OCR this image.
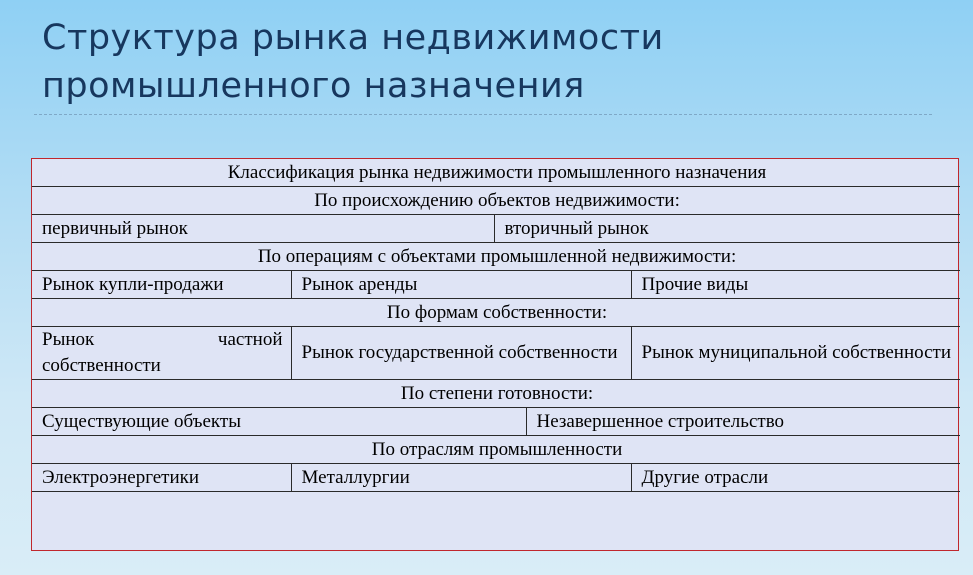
Структура рынка недвижимости
промышленного назначения
Классификация рынка недвижимости промышленного назначения				
По происхождению объектов недвижимости:				
первичный рынок		вторичный рынок		
По операциям с объектами промышленной недвижимости:				
Рынок купли-продажи	Рынок аренды			Прочие виды
По формам собственности:				
Рынок частной собственности	Рынок государственной собственности			Рынок муниципальной собственности
По степени готовности:				
Существующие объекты			Незавершенное строительство	
По отраслям промышленности				
Электроэнергетики	Металлургии			Другие отрасли
